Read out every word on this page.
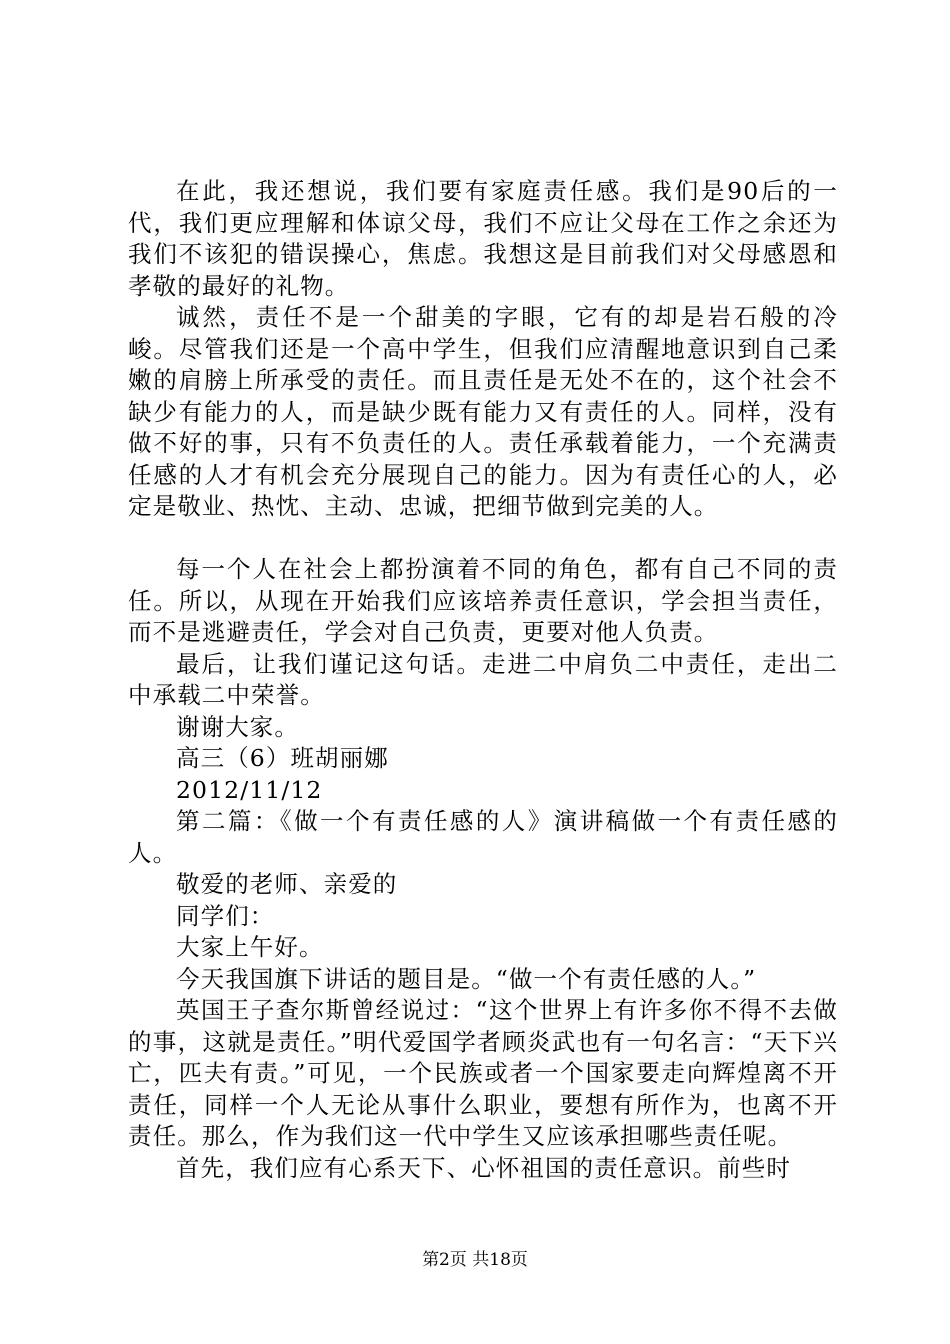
在此，我还想说，我们要有家庭责任感。我们是90后的一代，我们更应理解和体谅父母，我们不应让父母在工作之余还为我们不该犯的错误操心，焦虑。我想这是目前我们对父母感恩和孝敬的最好的礼物。

诚然，责任不是一个甜美的字眼，它有的却是岩石般的冷峻。尽管我们还是一个高中学生，但我们应清醒地意识到自己柔嫩的肩膀上所承受的责任。而且责任是无处不在的，这个社会不缺少有能力的人，而是缺少既有能力又有责任的人。同样，没有做不好的事，只有不负责任的人。责任承载着能力，一个充满责任感的人才有机会充分展现自己的能力。因为有责任心的人，必定是敬业、热忱、主动、忠诚，把细节做到完美的人。

每一个人在社会上都扮演着不同的角色，都有自己不同的责任。所以，从现在开始我们应该培养责任意识，学会担当责任，而不是逃避责任，学会对自己负责，更要对他人负责。

最后，让我们谨记这句话。走进二中肩负二中责任，走出二中承载二中荣誉。

谢谢大家。

高三（6）班胡丽娜

2012/11/12

第二篇：《做一个有责任感的人》演讲稿做一个有责任感的人。

敬爱的老师、亲爱的

同学们：

大家上午好。

今天我国旗下讲话的题目是。“做一个有责任感的人。”

英国王子查尔斯曾经说过：“这个世界上有许多你不得不去做的事，这就是责任。”明代爱国学者顾炎武也有一句名言：“天下兴亡，匹夫有责。”可见，一个民族或者一个国家要走向辉煌离不开责任，同样一个人无论从事什么职业，要想有所作为，也离不开责任。那么，作为我们这一代中学生又应该承担哪些责任呢。

首先，我们应有心系天下、心怀祖国的责任意识。前些时

第2页 共18页
